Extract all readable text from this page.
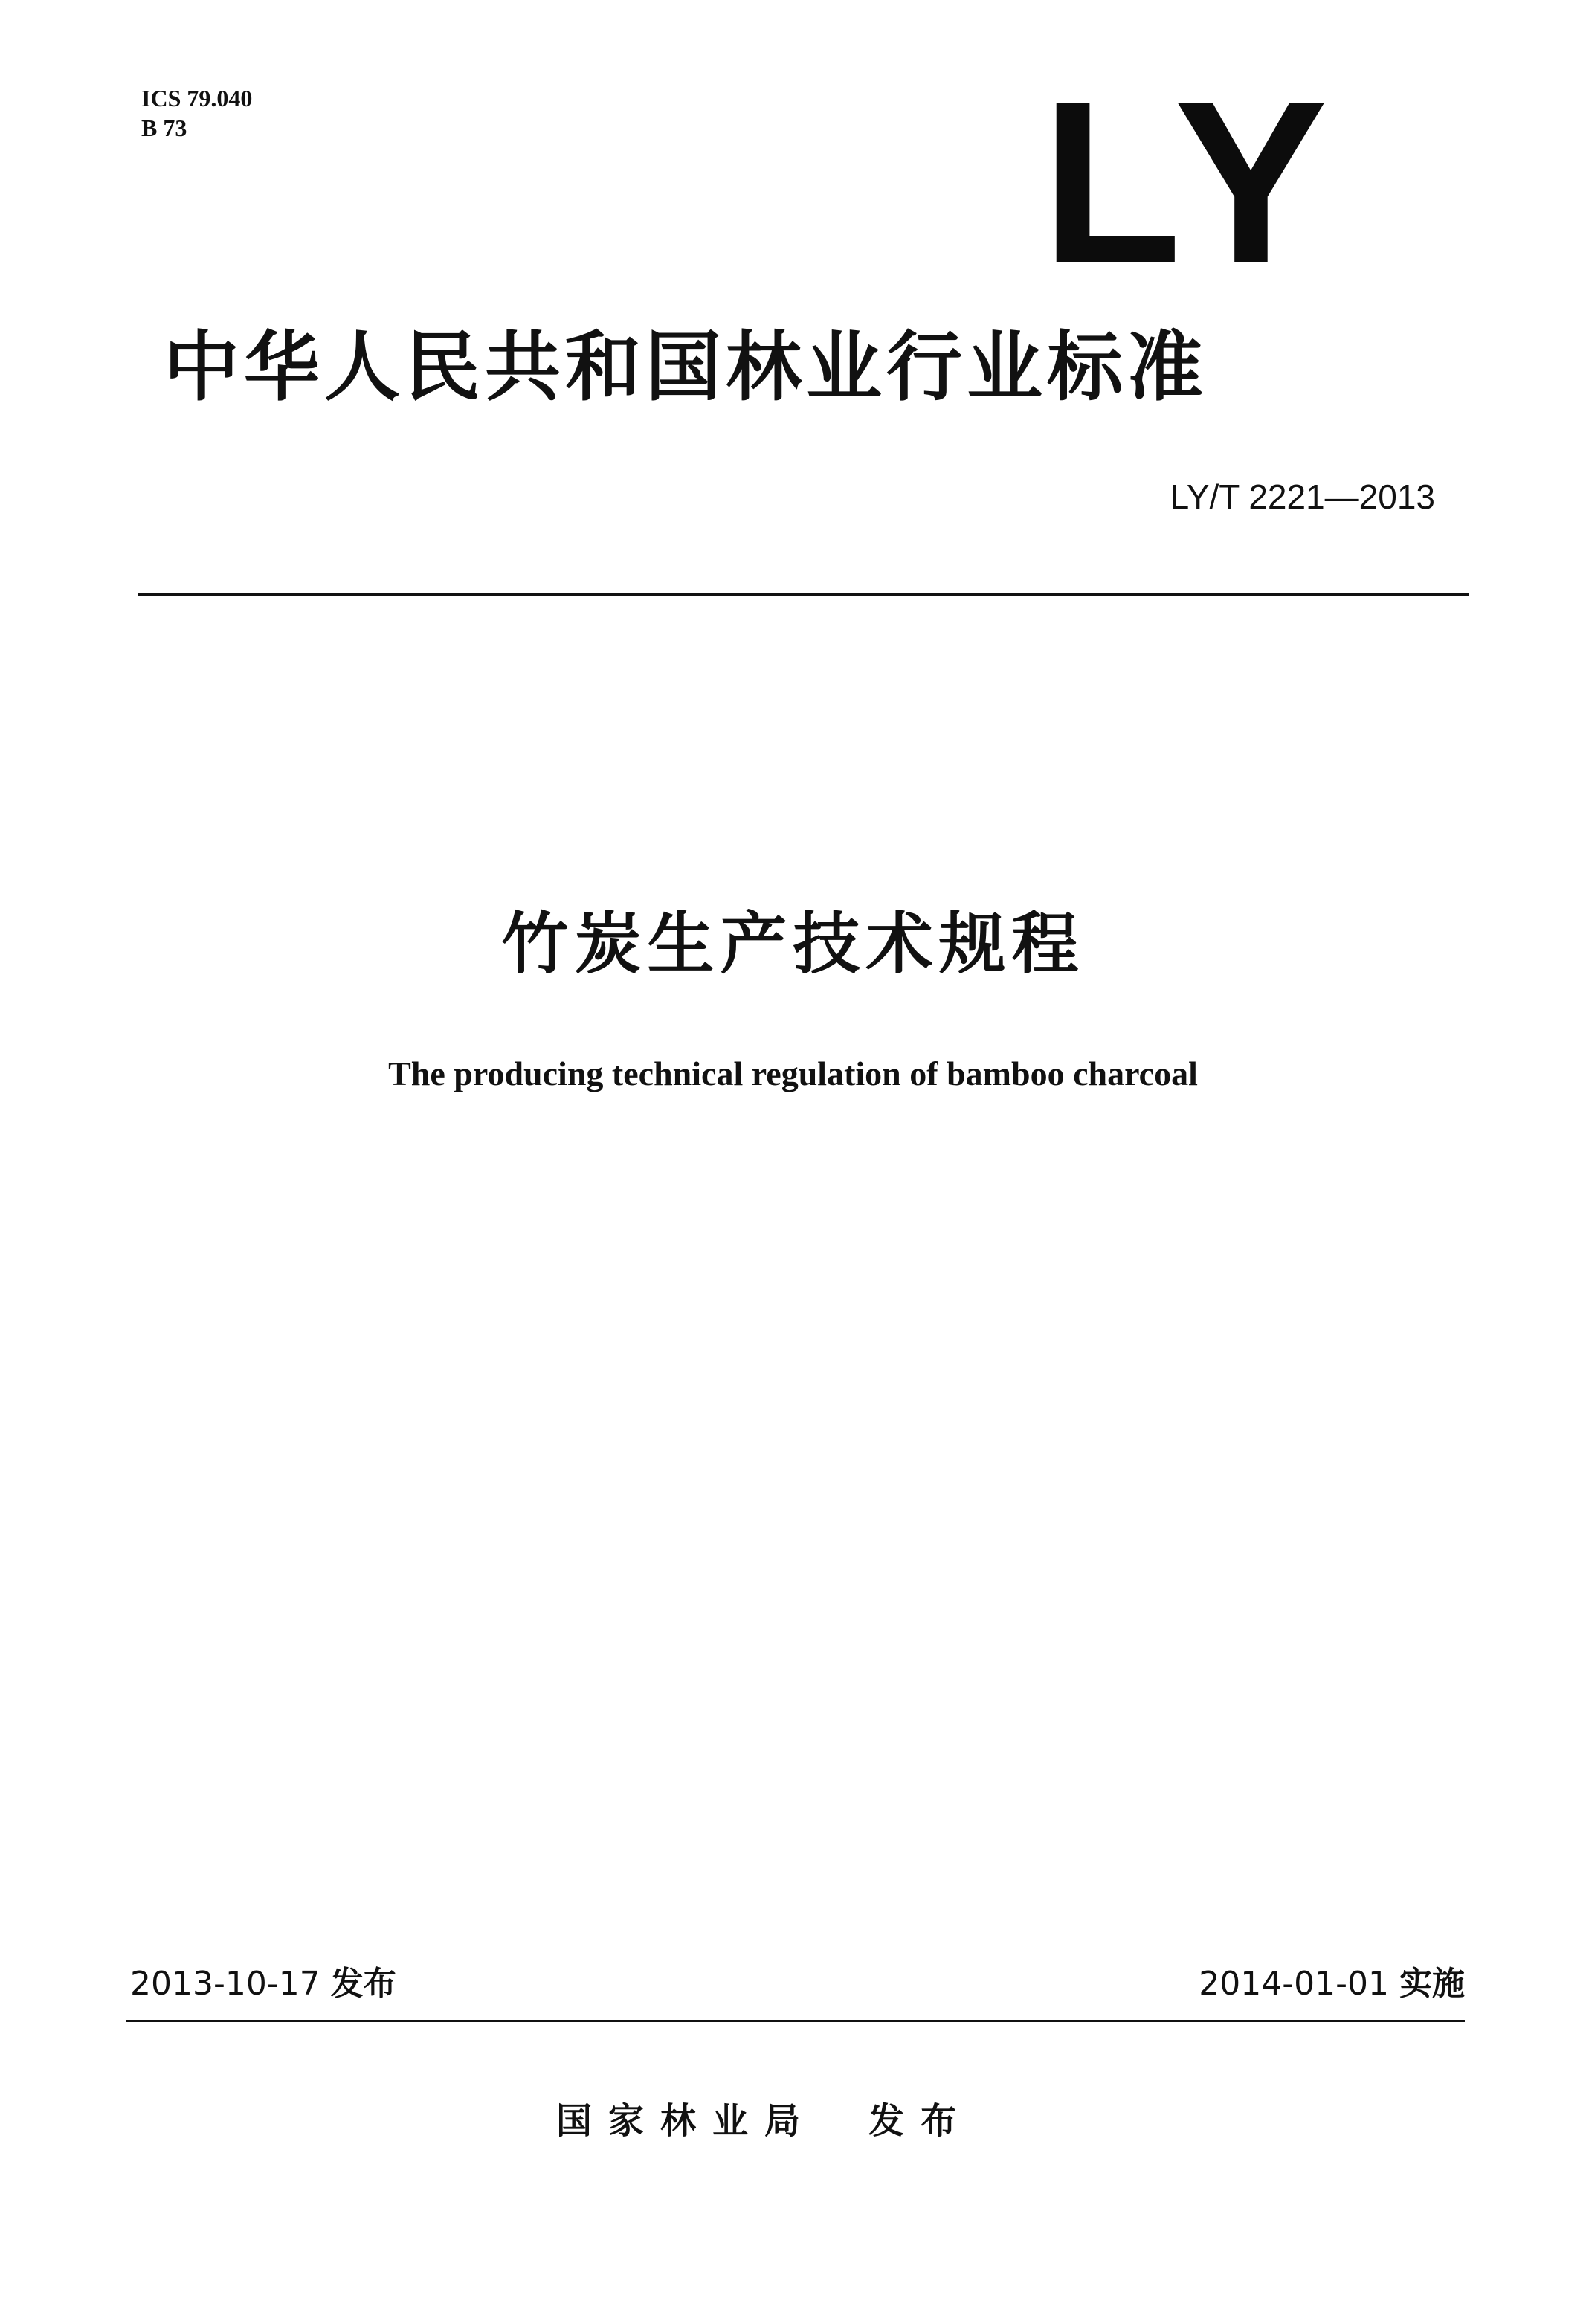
ICS 79.040
B 73	LY
中华人民共和国林业行业标准
LY/T 2221—2013
竹炭生产技术规程
The producing technical regulation of bamboo charcoal
2013-10-17 发布	2014-01-01 实施
国家林业局 发布
